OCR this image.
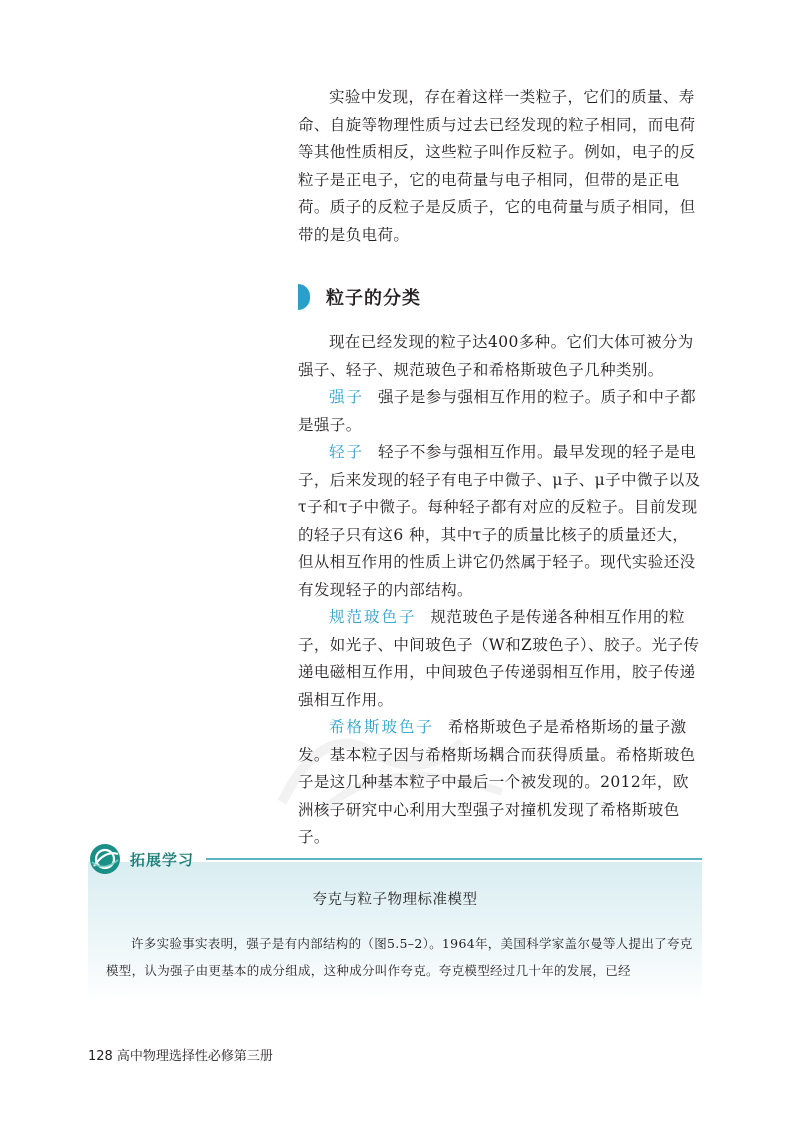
实验中发现，存在着这样一类粒子，它们的质量、寿命、自旋等物理性质与过去已经发现的粒子相同，而电荷等其他性质相反，这些粒子叫作反粒子。例如，电子的反粒子是正电子，它的电荷量与电子相同，但带的是正电荷。质子的反粒子是反质子，它的电荷量与质子相同，但带的是负电荷。

粒子的分类

现在已经发现的粒子达400多种。它们大体可被分为强子、轻子、规范玻色子和希格斯玻色子几种类别。

强子 强子是参与强相互作用的粒子。质子和中子都是强子。

轻子 轻子不参与强相互作用。最早发现的轻子是电子，后来发现的轻子有电子中微子、μ子、μ子中微子以及τ子和τ子中微子。每种轻子都有对应的反粒子。目前发现的轻子只有这6 种，其中τ子的质量比核子的质量还大，但从相互作用的性质上讲它仍然属于轻子。现代实验还没有发现轻子的内部结构。

规范玻色子 规范玻色子是传递各种相互作用的粒子，如光子、中间玻色子（W和Z玻色子）、胶子。光子传递电磁相互作用，中间玻色子传递弱相互作用，胶子传递强相互作用。

希格斯玻色子 希格斯玻色子是希格斯场的量子激发。基本粒子因与希格斯场耦合而获得质量。希格斯玻色子是这几种基本粒子中最后一个被发现的。2012年，欧洲核子研究中心利用大型强子对撞机发现了希格斯玻色子。

拓展学习
夸克与粒子物理标准模型

许多实验事实表明，强子是有内部结构的（图5.5–2）。1964年，美国科学家盖尔曼等人提出了夸克模型，认为强子由更基本的成分组成，这种成分叫作夸克。夸克模型经过几十年的发展，已经

128 高中物理选择性必修第三册
